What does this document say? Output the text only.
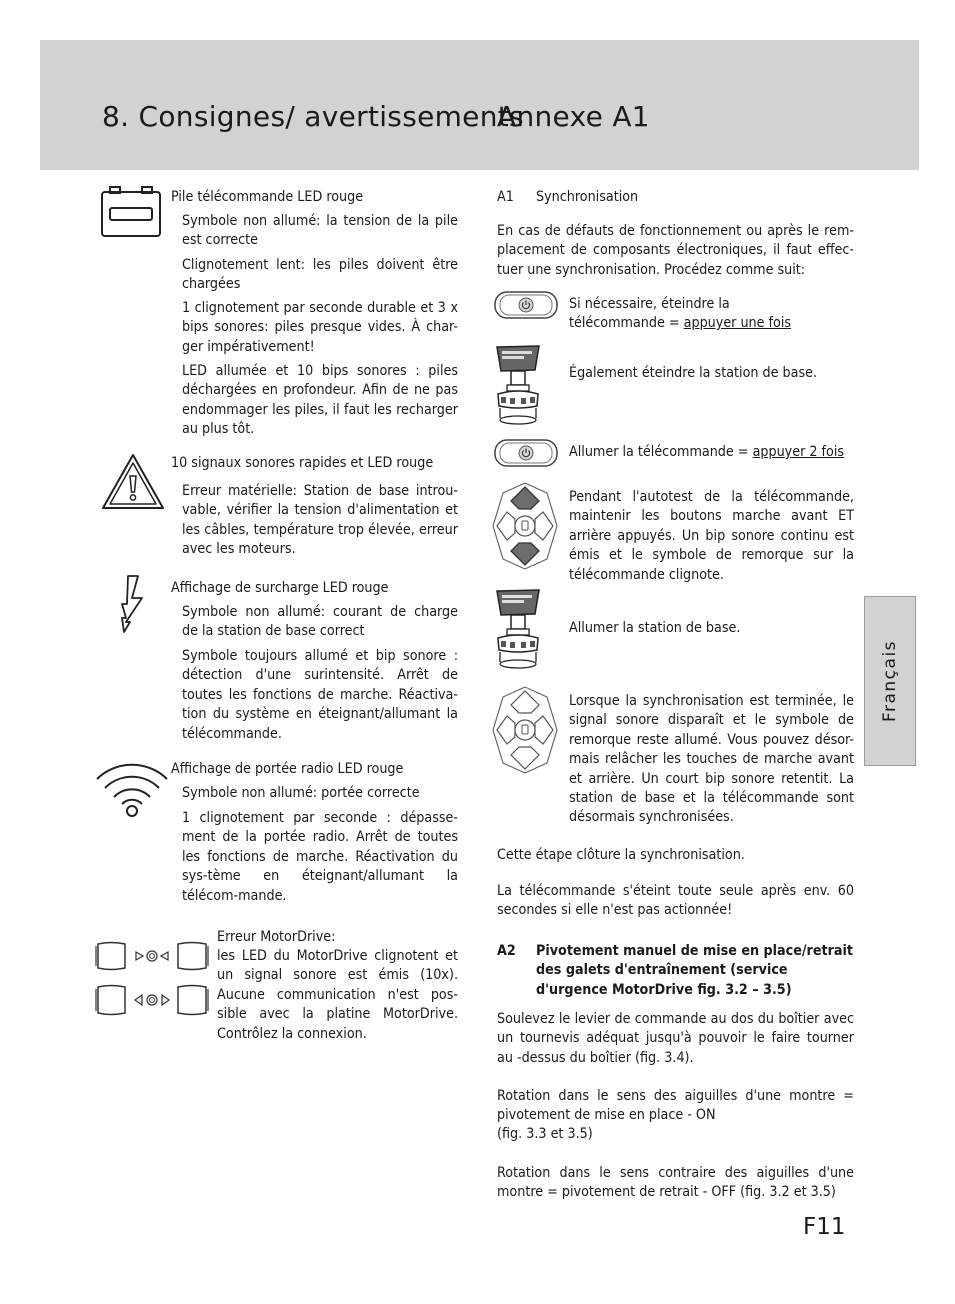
8. Consignes/ avertissements
Annexe A1
Français
Pile télécommande LED rouge
Symbole non allumé: la tension de la pile est correcte
Clignotement lent: les piles doivent être chargées
1 clignotement par seconde durable et 3 x bips sonores: piles presque vides. À char-ger impérativement!
LED allumée et 10 bips sonores : piles déchargées en profondeur. Afin de ne pas endommager les piles, il faut les recharger au plus tôt.
10 signaux sonores rapides et LED rouge
Erreur matérielle: Station de base introu-vable, vérifier la tension d'alimentation et les câbles, température trop élevée, erreur avec les moteurs.
Affichage de surcharge LED rouge
Symbole non allumé: courant de charge de la station de base correct
Symbole toujours allumé et bip sonore : détection d'une surintensité. Arrêt de toutes les fonctions de marche. Réactiva-tion du système en éteignant/allumant la télécommande.
Affichage de portée radio LED rouge
Symbole non allumé: portée correcte
1 clignotement par seconde : dépasse-ment de la portée radio. Arrêt de toutes les fonctions de marche. Réactivation du sys-tème en éteignant/allumant la télécom-mande.
Erreur MotorDrive:
les LED du MotorDrive clignotent et un signal sonore est émis (10x). Aucune communication n'est pos-sible avec la platine MotorDrive. Contrôlez la connexion.
A1 Synchronisation
En cas de défauts de fonctionnement ou après le rem-placement de composants électroniques, il faut effec-tuer une synchronisation. Procédez comme suit:
Si nécessaire, éteindre la
télécommande = appuyer une fois
Également éteindre la station de base.
Allumer la télécommande = appuyer 2 fois
Pendant l'autotest de la télécommande, maintenir les boutons marche avant ET arrière appuyés. Un bip sonore continu est émis et le symbole de remorque sur la télécommande clignote.
Allumer la station de base.
Lorsque la synchronisation est terminée, le signal sonore disparaît et le symbole de remorque reste allumé. Vous pouvez désor-mais relâcher les touches de marche avant et arrière. Un court bip sonore retentit. La station de base et la télécommande sont désormais synchronisées.
Cette étape clôture la synchronisation.
La télécommande s'éteint toute seule après env. 60 secondes si elle n'est pas actionnée!
A2 Pivotement manuel de mise en place/retrait des galets d'entraînement (service d'urgence MotorDrive fig. 3.2 – 3.5)
Soulevez le levier de commande au dos du boîtier avec un tournevis adéquat jusqu'à pouvoir le faire tourner au -dessus du boîtier (fig. 3.4).
Rotation dans le sens des aiguilles d'une montre = pivotement de mise en place - ON
(fig. 3.3 et 3.5)
Rotation dans le sens contraire des aiguilles d'une montre = pivotement de retrait - OFF (fig. 3.2 et 3.5)
F11
